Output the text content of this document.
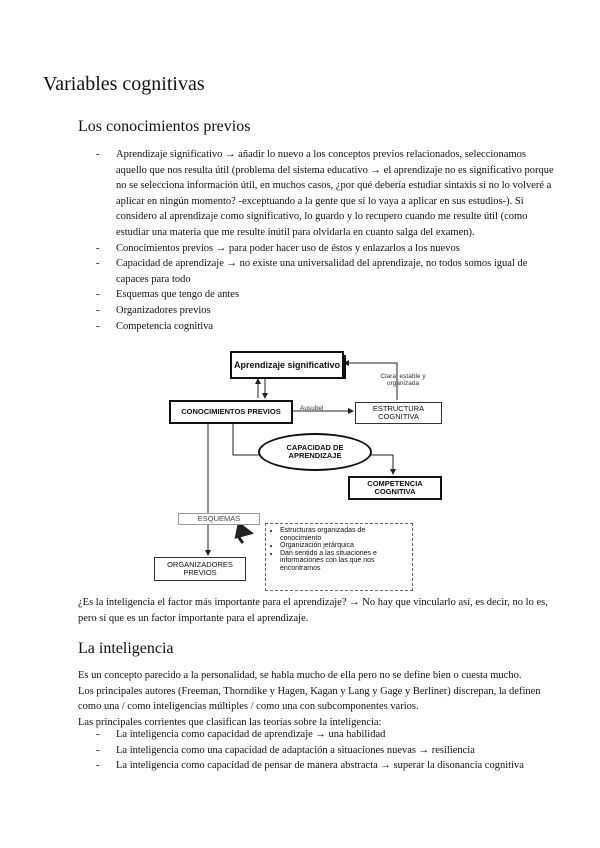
Variables cognitivas
Los conocimientos previos
- Aprendizaje significativo → añadir lo nuevo a los conceptos previos relacionados, seleccionamos aquello que nos resulta útil (problema del sistema educativo → el aprendizaje no es significativo porque no se selecciona información útil, en muchos casos, ¿por qué debería estudiar sintaxis si no lo volveré a aplicar en ningún momento? -exceptuando a la gente que sí lo vaya a aplicar en sus estudios-). Si considero al aprendizaje como significativo, lo guardo y lo recupero cuando me resulte útil (como estudiar una materia que me resulte inútil para olvidarla en cuanto salga del examen).
- Conocimientos previos → para poder hacer uso de éstos y enlazarlos a los nuevos
- Capacidad de aprendizaje → no existe una universalidad del aprendizaje, no todos somos igual de capaces para todo
- Esquemas que tengo de antes
- Organizadores previos
- Competencia cognitiva
Aprendizaje significativo
CONOCIMIENTOS PREVIOS	ESTRUCTURA COGNITIVA
CAPACIDAD DE APRENDIZAJE
COMPETENCIA COGNITIVA
ESQUEMAS
ORGANIZADORES PREVIOS
• Estructuras organizadas de conocimiento
• Organización jerárquica
• Dan sentido a las situaciones e informaciones con las que nos encontramos
Ausubel
Clara, estable y organizada

¿Es la inteligencia el factor más importante para el aprendizaje? → No hay que vincularlo así, es decir, no lo es, pero sí que es un factor importante para el aprendizaje.

La inteligencia
Es un concepto parecido a la personalidad, se habla mucho de ella pero no se define bien o cuesta mucho.
Los principales autores (Freeman, Thorndike y Hagen, Kagan y Lang y Gage y Berliner) discrepan, la definen como una / como inteligencias múltiples / como una con subcomponentes varios.
Las principales corrientes que clasifican las teorías sobre la inteligencia:
- La inteligencia como capacidad de aprendizaje → una habilidad
- La inteligencia como una capacidad de adaptación a situaciones nuevas → resiliencia
- La inteligencia como capacidad de pensar de manera abstracta → superar la disonancia cognitiva
